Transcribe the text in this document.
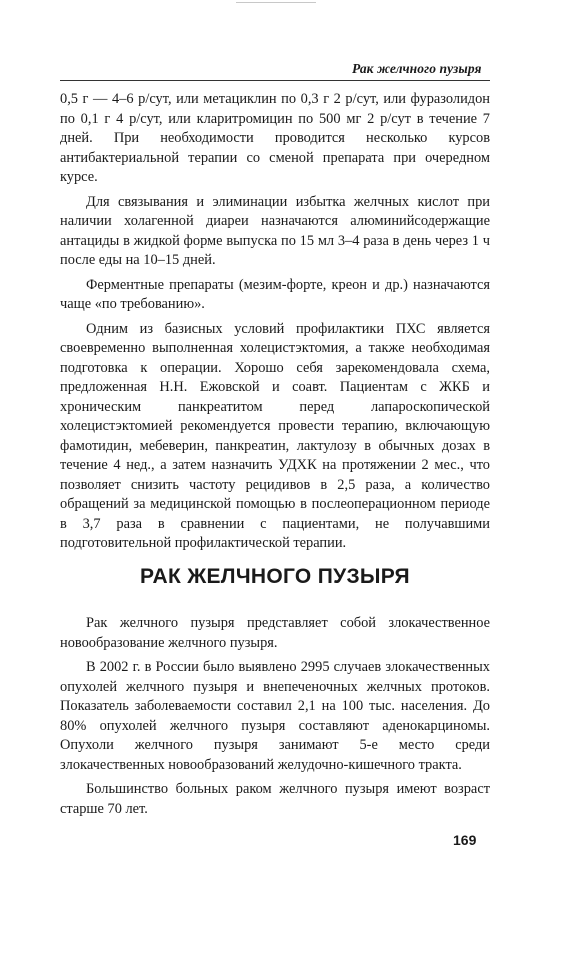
Рак желчного пузыря

0,5 г — 4–6 р/сут, или метациклин по 0,3 г 2 р/сут, или фуразолидон по 0,1 г 4 р/сут, или кларитромицин по 500 мг 2 р/сут в течение 7 дней. При необходимости проводится несколько курсов антибактериальной терапии со сменой препарата при очередном курсе.

Для связывания и элиминации избытка желчных кислот при наличии холагенной диареи назначаются алюминийсодержащие антациды в жидкой форме выпуска по 15 мл 3–4 раза в день через 1 ч после еды на 10–15 дней.

Ферментные препараты (мезим-форте, креон и др.) назначаются чаще «по требованию».

Одним из базисных условий профилактики ПХС является своевременно выполненная холецистэктомия, а также необходимая подготовка к операции. Хорошо себя зарекомендовала схема, предложенная Н.Н. Ежовской и соавт. Пациентам с ЖКБ и хроническим панкреатитом перед лапароскопической холецистэктомией рекомендуется провести терапию, включающую фамотидин, мебеверин, панкреатин, лактулозу в обычных дозах в течение 4 нед., а затем назначить УДХК на протяжении 2 мес., что позволяет снизить частоту рецидивов в 2,5 раза, а количество обращений за медицинской помощью в послеоперационном периоде в 3,7 раза в сравнении с пациентами, не получавшими подготовительной профилактической терапии.

РАК ЖЕЛЧНОГО ПУЗЫРЯ

Рак желчного пузыря представляет собой злокачественное новообразование желчного пузыря.

В 2002 г. в России было выявлено 2995 случаев злокачественных опухолей желчного пузыря и внепеченочных желчных протоков. Показатель заболеваемости составил 2,1 на 100 тыс. населения. До 80% опухолей желчного пузыря составляют аденокарциномы. Опухоли желчного пузыря занимают 5-е место среди злокачественных новообразований желудочно-кишечного тракта.

Большинство больных раком желчного пузыря имеют возраст старше 70 лет.

169
